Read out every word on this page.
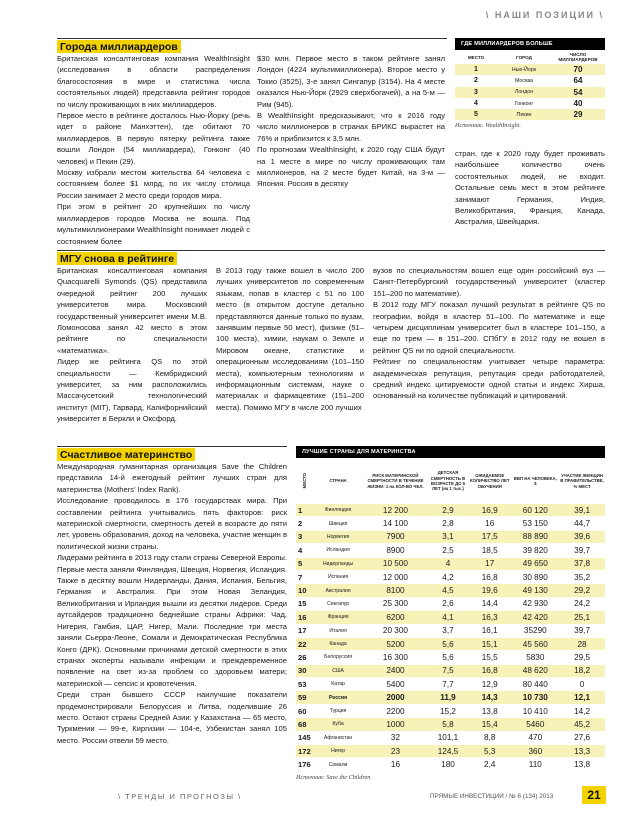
\ НАШИ ПОЗИЦИИ \
Города миллиардеров

Британская консалтинговая компания WealthInsight (исследования в области распределения благосостояния в мире и статистика числа состоятельных людей) представила рейтинг городов по числу проживающих в них миллиардеров.

Первое место в рейтинге досталось Нью-Йорку (речь идет о районе Манхэттен), где обитают 70 миллиардеров. В первую пятерку рейтинга также вошли Лондон (54 миллиардера), Гонконг (40 человек) и Пекин (29).

Москву избрали местом жительства 64 человека с состоянием более $1 млрд, по их числу столица России занимает 2 место среди городов мира.

При этом в рейтинг 20 крупнейших по числу миллиардеров городов Москва не вошла. Под мультимиллионерами WealthInsight понимает людей с состоянием более

$30 млн. Первое место в таком рейтинге занял Лондон (4224 мультимиллионера). Второе место у Токио (3525), 3-е занял Сингапур (3154). На 4 месте оказался Нью-Йорк (2929 сверхбогачей), а на 5-м — Рим (945).

В WealthInsight предсказывают, что к 2016 году число миллионеров в странах БРИКС вырастет на 76% и приблизится к 3,5 млн.

По прогнозам WealthInsight, к 2020 году США будут на 1 месте в мире по числу проживающих там миллионеров, на 2 месте будет Китай, на 3-м — Япония. Россия в десятку

ГДЕ МИЛЛИАРДЕРОВ БОЛЬШЕ
МЕСТО	ГОРОД	ЧИСЛО МИЛЛИАРДЕРОВ
1	Нью-Йорк	70
2	Москва	64
3	Лондон	54
4	Гонконг	40
5	Пекин	29
Источник: WealthInsight.
стран, где к 2020 году будет проживать наибольшее количество очень состоятельных людей, не входит. Остальные семь мест в этом рейтинге занимают Германия, Индия, Великобритания, Франция, Канада, Австралия, Швейцария.
МГУ снова в рейтинге

Британская консалтинговая компания Quacquarelli Symonds (QS) представила очередной рейтинг 200 лучших университетов мира. Московский государственный университет имени М.В. Ломоносова занял 42 место в этом рейтинге по специальности «математика».

Лидер же рейтинга QS по этой специальности — Кембриджский университет, за ним расположились Массачусетский технологический институт (MIT), Гарвард, Калифорнийский университет в Беркли и Оксфорд.

В 2013 году также вошел в число 200 лучших университетов по современным языкам, попав в кластер с 51 по 100 место (в открытом доступе детально представляются данные только по вузам, занявшим первые 50 мест), физике (51–100 места), химии, наукам о Земле и Мировом океане, статистике и операционным исследованиям (101–150 места), компьютерным технологиям и информационным системам, науке о материалах и фармацевтике (151–200 места). Помимо МГУ в числе 200 лучших

вузов по специальностям вошел еще один российский вуз — Санкт-Петербургский государственный университет (кластер 151–200 по математике).

В 2012 году МГУ показал лучший результат в рейтинге QS по географии, войдя в кластер 51–100. По математике и еще четырем дисциплинам университет был в кластере 101–150, а еще по трем — в 151–200. СПбГУ в 2012 году не вошел в рейтинг QS ни по одной специальности.

Рейтинг по специальностям учитывает четыре параметра: академическая репутация, репутация среди работодателей, средний индекс цитируемости одной статьи и индекс Хирша, основанный на количестве публикаций и цитирований.

Счастливое материнство

Международная гуманитарная организация Save the Children представила 14-й ежегодный рейтинг лучших стран для материнства (Mothers' Index Rank).

Исследование проводилось в 176 государствах мира. При составлении рейтинга учитывались пять факторов: риск материнской смертности, смертность детей в возрасте до пяти лет, уровень образования, доход на человека, участие женщин в политической жизни страны.

Лидерами рейтинга в 2013 году стали страны Северной Европы. Первые места заняли Финляндия, Швеция, Норвегия, Исландия. Также в десятку вошли Нидерланды, Дания, Испания, Бельгия, Германия и Австралия. При этом Новая Зеландия, Великобритания и Ирландия вышли из десятки лидеров. Среди аутсайдеров традиционно беднейшие страны Африки: Чад, Нигерия, Гамбия, ЦАР, Нигер, Мали. Последние три места заняли Сьерра-Леоне, Сомали и Демократическая Республика Конго (ДРК). Основными причинами детской смертности в этих странах эксперты называли инфекции и преждевременное появление на свет из-за проблем со здоровьем матери; материнской — сепсис и кровотечения.

Среди стран бывшего СССР наилучшие показатели продемонстрировали Белоруссия и Литва, поделившие 26 место. Остают страны Средней Азии: у Казахстана — 65 место, Туркмении — 99-е, Киргизии — 104-е, Узбекистан занял 105 место. России отвели 59 место.

ЛУЧШИЕ СТРАНЫ ДЛЯ МАТЕРИНСТВА
МЕСТО	СТРАНА	РИСК МАТЕРИНСКОЙ СМЕРТНОСТИ В ТЕЧЕНИЕ ЖИЗНИ: 1 на КОЛ-ВО ЧЕЛ.	ДЕТСКАЯ СМЕРТНОСТЬ В ВОЗРАСТЕ ДО 5 ЛЕТ (на 1 тыс.)	ОЖИДАЕМОЕ КОЛИЧЕСТВО ЛЕТ ОБУЧЕНИЯ	ВВП НА ЧЕЛОВЕКА, $	УЧАСТИЕ ЖЕНЩИН В ПРАВИТЕЛЬСТВЕ, % МЕСТ
1	Финляндия	12 200	2,9	16,9	60 120	39,1
2	Швеция	14 100	2,8	16	53 150	44,7
3	Норвегия	7900	3,1	17,5	88 890	39,6
4	Исландия	8900	2,5	18,5	39 820	39,7
5	Нидерланды	10 500	4	17	49 650	37,8
7	Испания	12 000	4,2	16,8	30 890	35,2
10	Австралия	8100	4,5	19,6	49 130	29,2
15	Сингапур	25 300	2,6	14,4	42 930	24,2
16	Франция	6200	4,1	16,3	42 420	25,1
17	Италия	20 300	3,7	16,1	35290	39,7
22	Канада	5200	5,6	15,1	45 560	28
26	Белоруссия	16 300	5,6	15,5	5830	29,5
30	США	2400	7,5	16,8	48 620	18,2
53	Катар	5400	7,7	12,9	80 440	0
59	Россия	2000	11,9	14,3	10 730	12,1
60	Турция	2200	15,2	13,8	10 410	14,2
68	Куба	1000	5,8	15,4	5460	45,2
145	Афганистан	32	101,1	8,8	470	27,6
172	Нигер	23	124,5	5,3	360	13,3
176	Сомали	16	180	2,4	110	13,8
Источник: Save the Children.
\ ТРЕНДЫ И ПРОГНОЗЫ \	ПРЯМЫЕ ИНВЕСТИЦИИ / № 6 (134) 2013	21
